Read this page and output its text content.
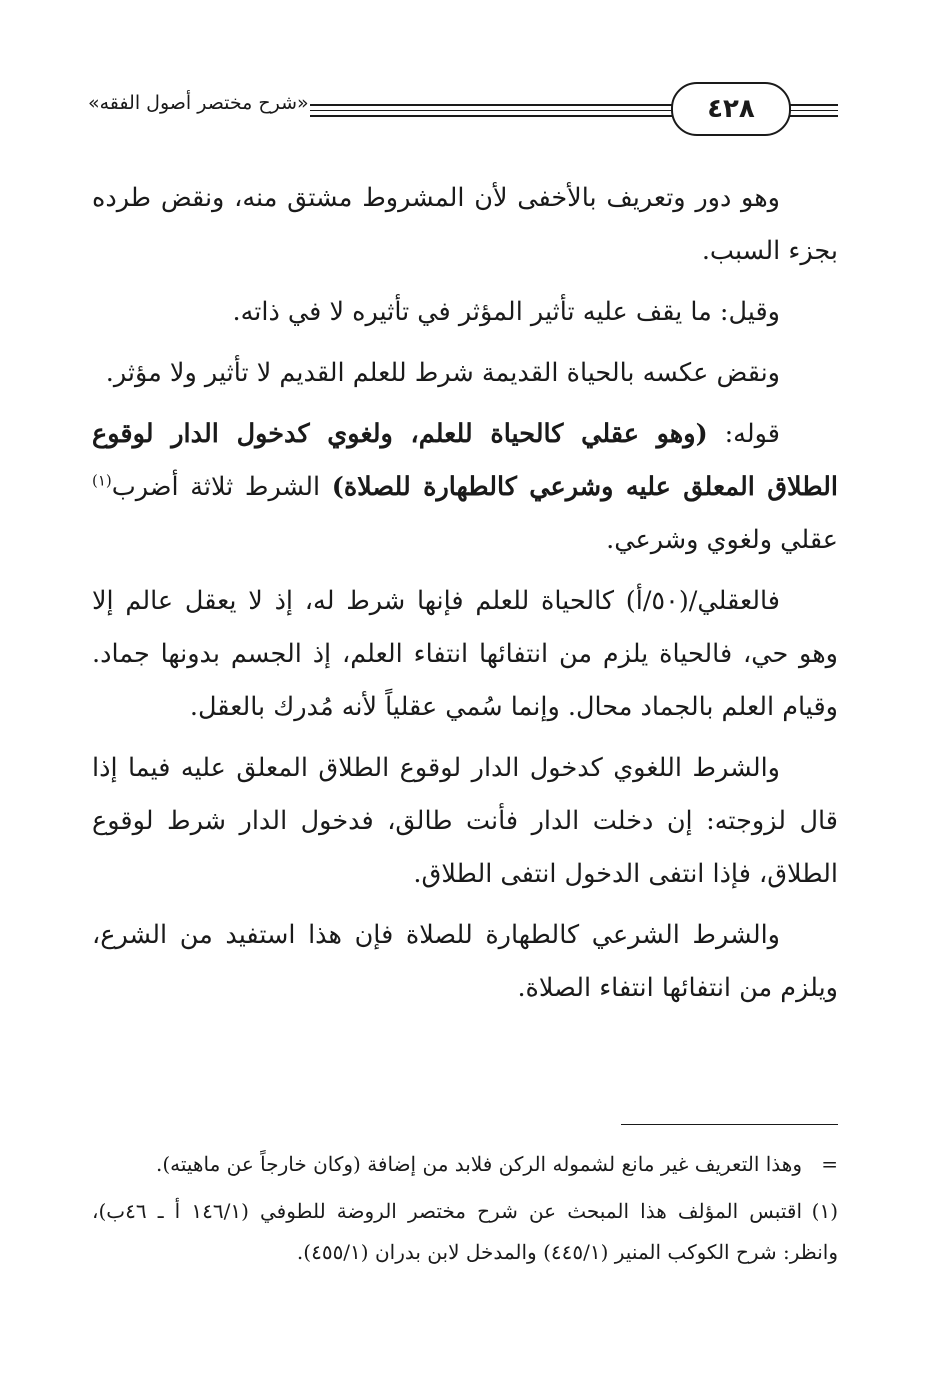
«شرح مختصر أصول الفقه»	٤٢٨

وهو دور وتعريف بالأخفى لأن المشروط مشتق منه، ونقض طرده بجزء السبب.

وقيل: ما يقف عليه تأثير المؤثر في تأثيره لا في ذاته.

ونقض عكسه بالحياة القديمة شرط للعلم القديم لا تأثير ولا مؤثر.

قوله: (وهو عقلي كالحياة للعلم، ولغوي كدخول الدار لوقوع الطلاق المعلق عليه وشرعي كالطهارة للصلاة) الشرط ثلاثة أضرب$^{(١)}$ عقلي ولغوي وشرعي.

فالعقلي/(٥٠/أ) كالحياة للعلم فإنها شرط له، إذ لا يعقل عالم إلا وهو حي، فالحياة يلزم من انتفائها انتفاء العلم، إذ الجسم بدونها جماد. وقيام العلم بالجماد محال. وإنما سُمي عقلياً لأنه مُدرك بالعقل.

والشرط اللغوي كدخول الدار لوقوع الطلاق المعلق عليه فيما إذا قال لزوجته: إن دخلت الدار فأنت طالق، فدخول الدار شرط لوقوع الطلاق، فإذا انتفى الدخول انتفى الطلاق.

والشرط الشرعي كالطهارة للصلاة فإن هذا استفيد من الشرع، ويلزم من انتفائها انتفاء الصلاة.

=وهذا التعريف غير مانع لشموله الركن فلابد من إضافة (وكان خارجاً عن ماهيته).

(١)اقتبس المؤلف هذا المبحث عن شرح مختصر الروضة للطوفي (١٤٦/١ أ ـ ٤٦ب)، وانظر: شرح الكوكب المنير (٤٤٥/١) والمدخل لابن بدران (٤٥٥/١).
